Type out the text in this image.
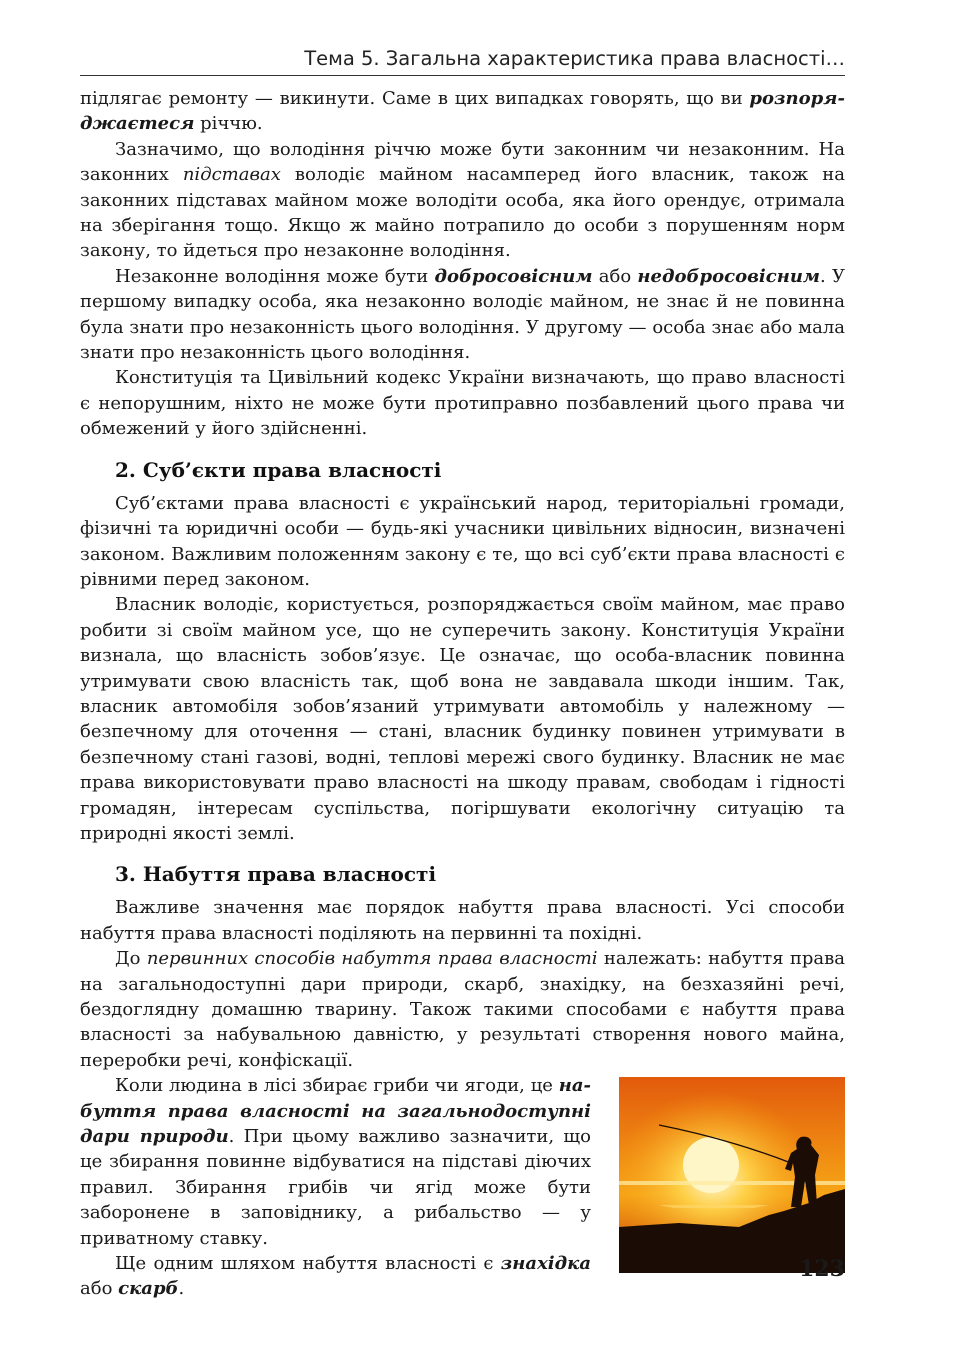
Тема 5. Загальна характеристика права власності…

підлягає ремонту — викинути. Саме в цих випадках говорять, що ви розпоряджаєтеся річчю.

Зазначимо, що володіння річчю може бути законним чи незаконним. На законних підставах володіє майном насамперед його власник, також на законних підставах майном може володіти особа, яка його орендує, отримала на зберігання тощо. Якщо ж майно потрапило до особи з порушенням норм закону, то йдеться про незаконне володіння.

Незаконне володіння може бути добросовісним або недобросовісним. У першому випадку особа, яка незаконно володіє майном, не знає й не повинна була знати про незаконність цього володіння. У другому — особа знає або мала знати про незаконність цього володіння.

Конституція та Цивільний кодекс України визначають, що право власності є непорушним, ніхто не може бути протиправно позбавлений цього права чи обмежений у його здійсненні.

2. Суб’єкти права власності

Суб’єктами права власності є український народ, територіальні громади, фізичні та юридичні особи — будь-які учасники цивільних відносин, визначені законом. Важливим положенням закону є те, що всі суб’єкти права власності є рівними перед законом.

Власник володіє, користується, розпоряджається своїм майном, має право робити зі своїм майном усе, що не суперечить закону. Конституція України визнала, що власність зобов’язує. Це означає, що особа-власник повинна утримувати свою власність так, щоб вона не завдавала шкоди іншим. Так, власник автомобіля зобов’язаний утримувати автомобіль у належному — безпечному для оточення — стані, власник будинку повинен утримувати в безпечному стані газові, водні, теплові мережі свого будинку. Власник не має права використовувати право власності на шкоду правам, свободам і гідності громадян, інтересам суспільства, погіршувати екологічну ситуацію та природні якості землі.

3. Набуття права власності

Важливе значення має порядок набуття права власності. Усі способи набуття права власності поділяють на первинні та похідні.

До первинних способів набуття права власності належать: набуття права на загальнодоступні дари природи, скарб, знахідку, на безхазяйні речі, бездоглядну домашню тварину. Також такими способами є набуття права власності за набувальною давністю, у результаті створення нового майна, переробки речі, конфіскації.

Коли людина в лісі збирає гриби чи ягоди, це набуття права власності на загальнодоступні дари природи. При цьому важливо зазначити, що це збирання повинне відбуватися на підставі діючих правил. Збирання грибів чи ягід може бути заборонене в заповіднику, а рибальство — у приватному ставку.

Ще одним шляхом набуття власності є знахідка або скарб.

123
